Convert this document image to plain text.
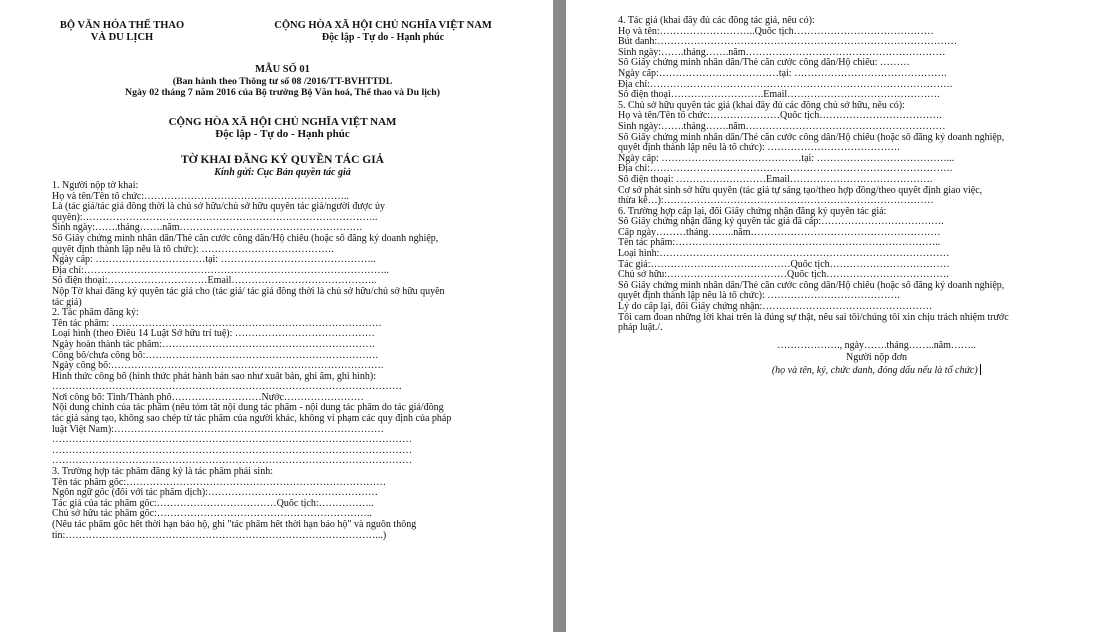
BỘ VĂN HÓA THỂ THAO
VÀ DU LỊCH
CỘNG HÒA XÃ HỘI CHỦ NGHĨA VIỆT NAM
Độc lập - Tự do - Hạnh phúc
MẪU SỐ 01
(Ban hành theo Thông tư số 08 /2016/TT-BVHTTDL
Ngày 02 tháng 7 năm 2016 của Bộ trưởng Bộ Văn hoá, Thể thao và Du lịch)
CỘNG HÒA XÃ HỘI CHỦ NGHĨA VIỆT NAM
Độc lập - Tự do - Hạnh phúc
TỜ KHAI ĐĂNG KÝ QUYỀN TÁC GIẢ
Kính gửi: Cục Bản quyền tác giả
1. Người nộp tờ khai:
Họ và tên/Tên tổ chức:……………………………………………………..
Là (tác giả/tác giả đồng thời là chủ sở hữu/chủ sở hữu quyền tác giả/người được ủy
quyền):……………………………………………………………………………..
Sinh ngày:…….tháng…….năm……………………………………………….
Số Giấy chứng minh nhân dân/Thẻ căn cước công dân/Hộ chiếu (hoặc số đăng ký doanh nghiệp,
quyết định thành lập nếu là tổ chức): ………………………………….
Ngày cấp: ……………………………tại: ………………………………………..
Địa chỉ:………………………………………………………………………………..
Số điện thoại:…………………………Email……………………………………..
Nộp Tờ khai đăng ký quyền tác giả cho (tác giả/ tác giả đồng thời là chủ sở hữu/chủ sở hữu quyền
tác giả)
2. Tác phẩm đăng ký:
Tên tác phẩm: ………………………………………………………………………
Loại hình (theo Điều 14 Luật Sở hữu trí tuệ): ……………………………………
Ngày hoàn thành tác phẩm:……………………………………………………….
Công bố/chưa công bố:…………………………………………………………….
Ngày công bố:……………………………………………………………………….
Hình thức công bố (hình thức phát hành bản sao như xuất bản, ghi âm, ghi hình):
……………………………………………………………………………………………
Nơi công bố: Tỉnh/Thành phố………………………Nước……………………
Nội dung chính của tác phẩm (nêu tóm tắt nội dung tác phẩm - nội dung tác phẩm do tác giả/đồng
tác giả sáng tạo, không sao chép từ tác phẩm của người khác, không vi phạm các quy định của pháp
luật Việt Nam):………………………………………………………………………
………………………………………………………………………………………………
………………………………………………………………………………………………
………………………………………………………………………………………………
3. Trường hợp tác phẩm đăng ký là tác phẩm phái sinh:
Tên tác phẩm gốc:……………………………………………………………………
Ngôn ngữ gốc (đối với tác phẩm dịch):……………………………………………
Tác giả của tác phẩm gốc:………………………………Quốc tịch:……………..
Chủ sở hữu tác phẩm gốc:………………………………………………………..
(Nếu tác phẩm gốc hết thời hạn bảo hộ, ghi "tác phẩm hết thời hạn bảo hộ" và nguồn thông
tin:…………………………………………………………………………………...)
4. Tác giả (khai đầy đủ các đồng tác giả, nếu có):
Họ và tên:………………………..Quốc tịch……………………………………
Bút danh:………………………………………………………………………………
Sinh ngày:…….tháng…….năm……………………………………………………
Số Giấy chứng minh nhân dân/Thẻ căn cước công dân/Hộ chiếu: ………
Ngày cấp:………………………………tại: ……………………………………….
Địa chỉ:……………………………………………………………………………….
Số điện thoại……………………….Email……………………………………….
5. Chủ sở hữu quyền tác giả (khai đầy đủ các đồng chủ sở hữu, nếu có):
Họ và tên/Tên tổ chức:…………………Quốc tịch……………………………….
Sinh ngày:…….tháng…….năm……………………………………………………
Số Giấy chứng minh nhân dân/Thẻ căn cước công dân/Hộ chiếu (hoặc số đăng ký doanh nghiệp,
quyết định thành lập nếu là tổ chức): ………………………………….
Ngày cấp: ……………………………………tại: …………………………………...
Địa chỉ:……………………………………………………………………………….
Số điện thoại: ………………………Email…………………………………….
Cơ sở phát sinh sở hữu quyền (tác giả tự sáng tạo/theo hợp đồng/theo quyết định giao việc,
thừa kế…):………………………………………………………………………
6. Trường hợp cấp lại, đổi Giấy chứng nhận đăng ký quyền tác giả:
Số Giấy chứng nhận đăng ký quyền tác giả đã cấp:……………………………….
Cấp ngày………tháng……..năm…………………………………………………
Tên tác phẩm:……………………………………………………………………..
Loại hình:……………………………………………………………………………
Tác giả:……………………………………Quốc tịch………………………………
Chủ sở hữu:………………………………Quốc tịch……………………………….
Số Giấy chứng minh nhân dân/Thẻ căn cước công dân/Hộ chiếu (hoặc số đăng ký doanh nghiệp,
quyết định thành lập nếu là tổ chức): ………………………………….
Lý do cấp lại, đổi Giấy chứng nhận:……………………………………………
Tôi cam đoan những lời khai trên là đúng sự thật, nếu sai tôi/chúng tôi xin chịu trách nhiệm trước
pháp luật./.
………………., ngày…….tháng……..năm……..
Người nộp đơn
(họ và tên, ký, chức danh, đóng dấu nếu là tổ chức)
